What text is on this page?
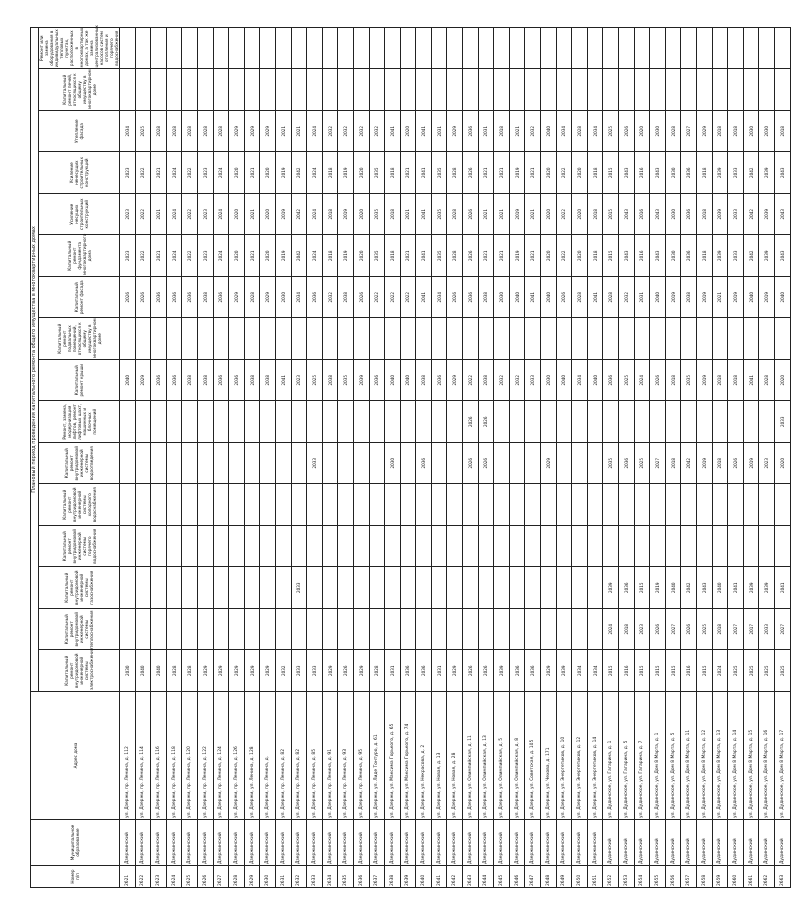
Номер п/п	Муниципальное образование	Адрес дома	Плановый период проведения капитального ремонта общего имущества в многоквартирных домах															
			Капитальный ремонт внутридомовой инженерной системы электроснабжения	Капитальный ремонт внутридомовой инженерной системы теплоснабжения	Капитальный ремонт внутридомовой инженерной системы газоснабжения	Капитальный ремонт внутридомовой инженерной системы горячего водоснабжения	Капитальный ремонт внутридомовой инженерной системы холодного водоснабжения	Капитальный ремонт внутридомовой инженерной системы водоотведения	Ремонт, замена, модернизация лифтов, ремонт лифтовых шахт, машинных и блочных помещений	Капитальный ремонт крыши	Капитальный ремонт подвальных помещений, относящихся к общему имуществу в многоквартирном доме	Капитальный ремонт фасада	Капитальный ремонт фундамента многоквартирного дома	Усиление несущих строительных конструкций	Усиление ненесущих строительных конструкций	Утепление фасада	Капитальный ремонт печей, относящихся к общему имуществу в многоквартирном доме	Ремонт или замена оборудования в индивидуальных тепловых пунктах, расположенных в многоквартирных домах, а так же замена централизованных насосов систем отопления и горячего водоснабжения
2621	Дзержинский	ул. Дзержи, пр. Ленина, д. 112	2030							2040		2026	2023	2023	2023	2034		
2622	Дзержинский	ул. Дзержи, пр. Ленина, д. 114	2040							2029		2026	2022	2022	2022	2025		
2623	Дзержинский	ул. Дзержи, пр. Ленина, д. 116	2040							2036		2036	2021	2021	2021	2028		
2624	Дзержинский	ул. Дзержи, пр. Ленина, д. 118	2028							2036		2036	2024	2024	2024	2028		
2625	Дзержинский	ул. Дзержи, пр. Ленина, д. 120	2028							2038		2036	2022	2022	2022	2028		
2626	Дзержинский	ул. Дзержи, пр. Ленина, д. 122	2029							2038		2038	2023	2023	2023	2028		
2627	Дзержинский	ул. Дзержи, пр. Ленина, д. 124	2029							2036		2036	2024	2024	2024	2028		
2628	Дзержинский	ул. Дзержи, пр. Ленина, д. 126	2029							2036		2029	2020	2020	2020	2029		
2629	Дзержинский	ул. Дзержи, ул. Ленина, д. 128	2029							2038		2028	2021	2021	2021	2029		
2630	Дзержинский	ул. Дзержи, пр. Ленина, д.	2029							2038		2029	2020	2020	2020	2029		
2631	Дзержинский	ул. Дзержи, пр. Ленина, д. 82	2032							2041		2030	2019	2019	2019	2021		
2632	Дзержинский	ул. Дзержи, пр. Ленина, д. 82	2033		2033					2023		2034	2042	2042	2042	2021		
2633	Дзержинский	ул. Дзержи, пр. Ленина, д. 85	2033					2033		2025		2036	2024	2024	2024	2024		
2634	Дзержинский	ул. Дзержи, пр. Ленина, д. 91	2029							2038		2032	2018	2018	2018	2032		
2635	Дзержинский	ул. Дзержи, пр. Ленина, д. 93	2026							2035		2038	2019	2019	2019	2032		
2636	Дзержинский	ул. Дзержи, пр. Ленина, д. 95	2029							2039		2026	2020	2020	2020	2032		
2637	Дзержинский	ул. Дзержи, ул. Лиде Тонтуро, д. 61	2028							2036		2022	2035	2035	2035	2032		
2638	Дзержинский	ул. Дзержи, ул. Максима Горького, д. 65	2031					2030		2040		2022	2018	2018	2018	2041		
2639	Дзержинский	ул. Дзержи, ул. Максима Горького, д. 74	2036							2040		2022	2021	2021	2021	2020		
2640	Дзержинский	ул. Дзержи, ул. Некрасова, д. 2	2036					2036		2038		2041	2041	2041	2041	2041		
2641	Дзержинский	ул. Дзержи, ул. Новая, д. 13	2031							2036		2034	2035	2035	2035	2031		
2642	Дзержинский	ул. Дзержи, ул. Новая, д. 28	2029							2029		2026	2028	2028	2028	2029		
2643	Дзержинский	ул. Дзержи, ул. Олимпийская, д. 11	2026					2026	2026	2022		2036	2026	2026	2026	2036		
2644	Дзержинский	ул. Дзержи, ул. Олимпийская, д. 13	2026					2026	2026	2038		2038	2021	2021	2021	2031		
2645	Дзержинский	ул. Дзержи, ул. Олимпийская, д. 5	2039							2032		2030	2021	2021	2021	2018		
2646	Дзержинский	ул. Дзержи, ул. Олимпийская, д. 8	2036							2032		2040	2019	2019	2019	2021		
2647	Дзержинский	ул. Дзержи, ул. Советская, д. 105	2036							2033		2041	2021	2021	2021	2032		
2648	Дзержинский	ул. Дзержи, ул. Чехова, д. 171	2029					2029		2030		2040	2020	2020	2020	2040		
2649	Дзержинский	ул. Дзержи, ул. Энергетиков, д. 10	2039							2040		2026	2022	2022	2022	2034		
2650	Дзержинский	ул. Дзержи, ул. Энергетиков, д. 12	2034							2034		2028	2020	2020	2020	2028		
2651	Дзержинский	ул. Дзержи, ул. Энергетиков, д. 14	2034							2040		2041	2018	2018	2018	2034		
2652	Дудинский	ул. Дудинское, ул. Гагарина, д. 1	2015	2024	2039			2035		2036		2028	2015	2015	2015	2025		
2653	Дудинский	ул. Дудинское, ул. Гагарина, д. 5	2016	2018	2036			2036		2025		2032	2043	2043	2043	2026		
2654	Дудинский	ул. Дудинское, ул. Гагарина, д. 7	2015	2023	2015			2025		2024		2031	2016	2016	2016	2020		
2655	Дудинский	ул. Дудинское, ул. Дом 8 Марта, д. 1	2015	2026	2019			2027		2026		2040	2043	2043	2043	2030		
2656	Дудинский	ул. Дудинское, ул. Дом 8 Марта, д. 5	2015	2027	2040			2018		2018		2019	2030	2030	2030	2028		
2657	Дудинский	ул. Дудинское, ул. Дом 8 Марта, д. 11	2016	2026	2042			2042		2035		2038	2036	2036	2036	2027		
2658	Дудинский	ул. Дудинское, ул. Дом 8 Марта, д. 12	2015	2025	2043			2019		2019		2019	2018	2018	2018	2029		
2659	Дудинский	ул. Дудинское, ул. Дом 8 Марта, д. 13	2024	2018	2040			2018		2018		2021	2039	2039	2039	2018		
2660	Дудинский	ул. Дудинское, ул. Дом 8 Марта, д. 14	2025	2027	2041			2026		2018		2019	2033	2033	2033	2018		
2661	Дудинский	ул. Дудинское, ул. Дом 8 Марта, д. 15	2025	2017	2039			2019		2041		2040	2042	2042	2042	2030		
2662	Дудинский	ул. Дудинское, ул. Дом 8 Марта, д. 16	2025	2033	2039			2023		2028		2019	2039	2039	2039	2030		
2663	Дудинский	ул. Дудинское, ул. Дом 8 Марта, д. 17	2025	2027	2041			2020	2033	2020		2040	2043	2043	2043	2018		
